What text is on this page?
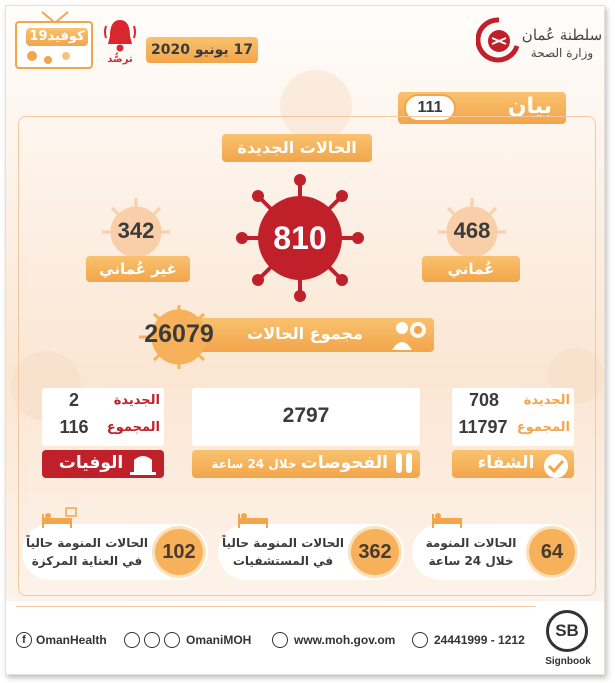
كوفيد19
ترصُّد
17 يونيو 2020
سلطنة عُمان
وزارة الصحة
بيان
111
الحالات الجديدة
810	468
عُماني
342
غير عُماني
مجموع الحالات
26079
الجديدة
708
المجموع
11797
الشفاء
2797
الفحوصات
خلال 24 ساعة
الجديدة
2
المجموع
116
الوفيات
الحالات المنومة
خلال 24 ساعة	64
الحالات المنومة حالياً
في المستشفيات	362
الحالات المنومة حالياً
في العناية المركزة	102
f OmanHealth	OmaniMOH	www.moh.gov.om	24441999 - 1212	SB
Signbook
